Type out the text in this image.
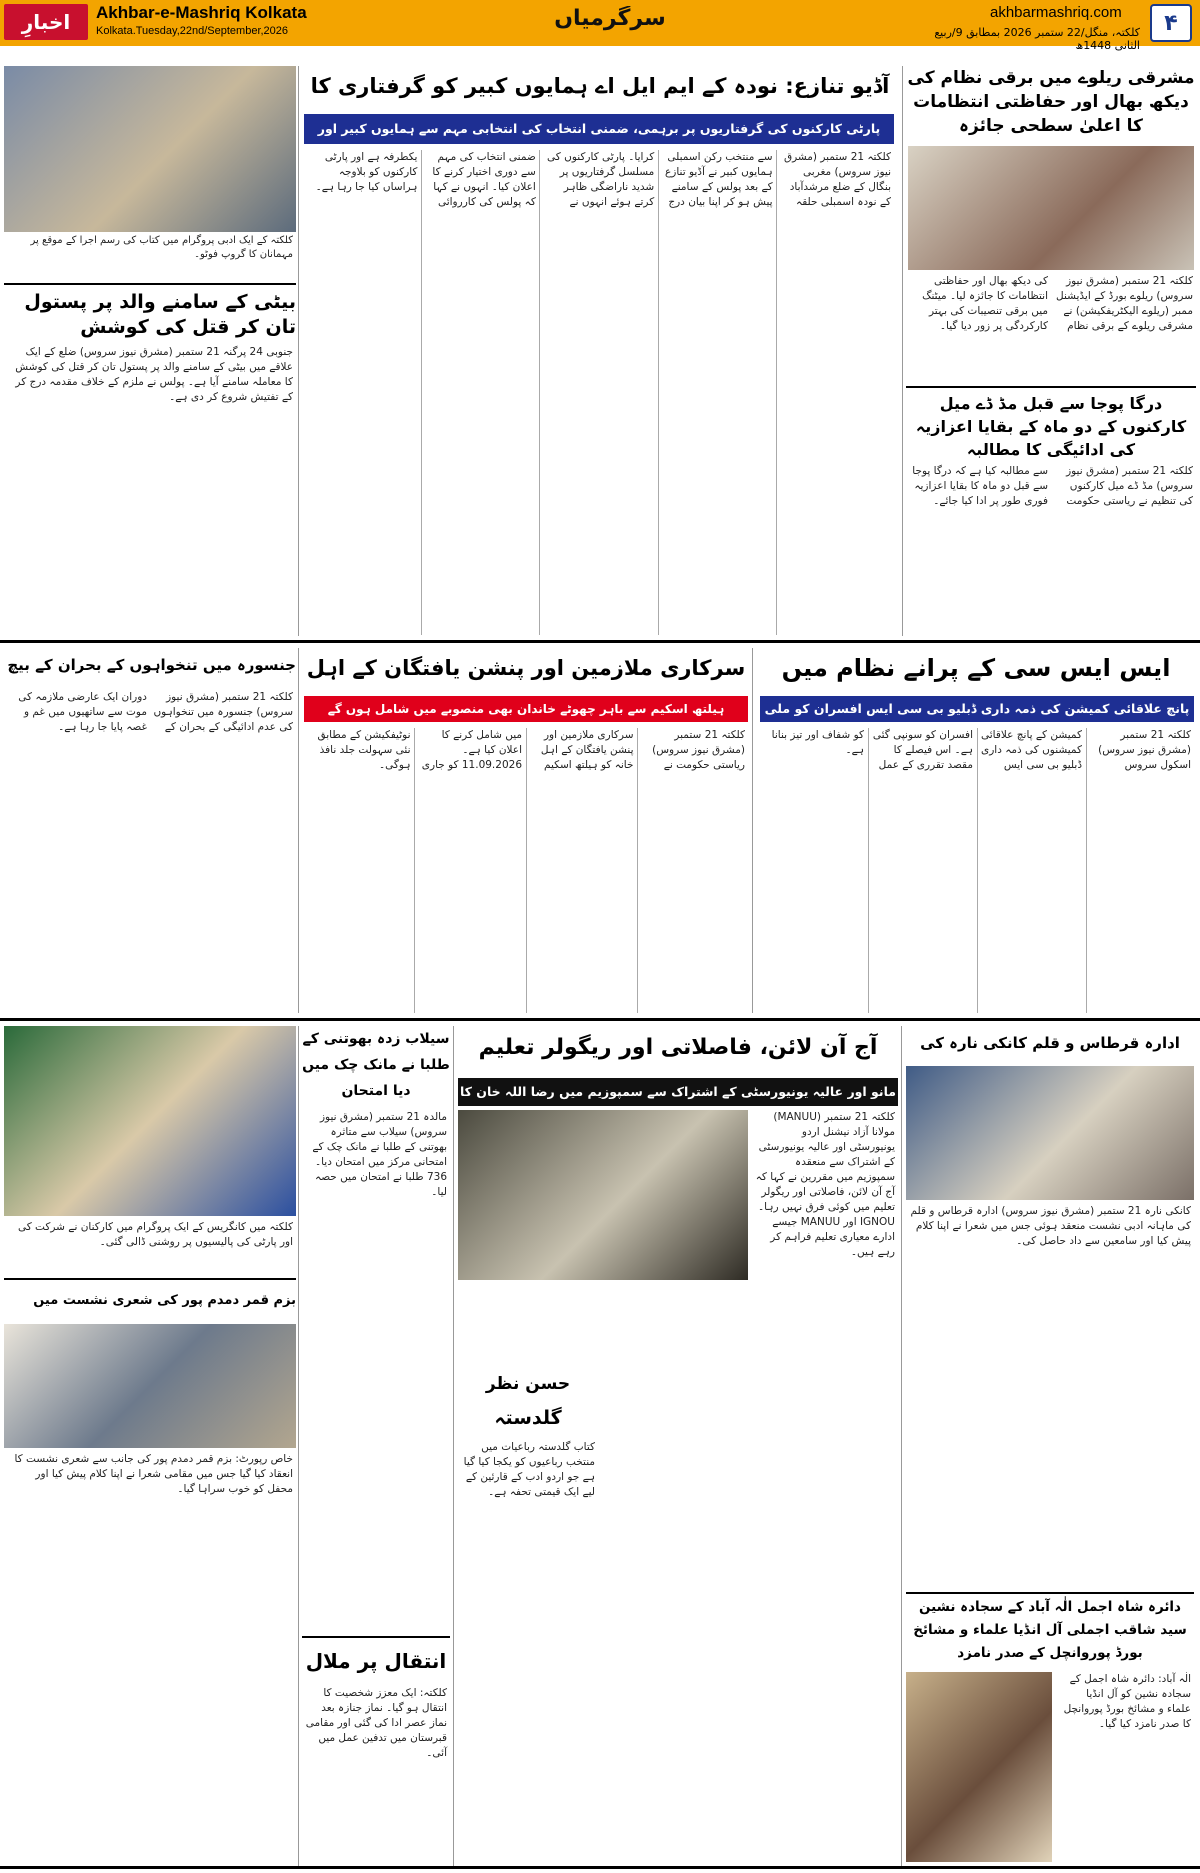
اخبارِ	Akhbar-e-Mashriq Kolkata
Kolkata.Tuesday,22nd/September,2026	سرگرمیاں	akhbarmashriq.com
کلکتہ، منگل/22 ستمبر 2026 بمطابق 9/ربیع الثانی 1448ھ
۴
کلکتہ کے ایک ادبی پروگرام میں کتاب کی رسم اجرا کے موقع پر مہمانان کا گروپ فوٹو۔
بیٹی کے سامنے والد پر پستول تان کر قتل کی کوشش
جنوبی 24 پرگنہ 21 ستمبر (مشرق نیوز سروس) ضلع کے ایک علاقے میں بیٹی کے سامنے والد پر پستول تان کر قتل کی کوشش کا معاملہ سامنے آیا ہے۔ پولس نے ملزم کے خلاف مقدمہ درج کر کے تفتیش شروع کر دی ہے۔
آڈیو تنازع: نودہ کے ایم ایل اے ہمایوں کبیر کو گرفتاری کا
پارٹی کارکنوں کی گرفتاریوں پر برہمی، ضمنی انتخاب کی انتخابی مہم سے ہمایوں کبیر اور
کلکتہ 21 ستمبر (مشرق نیوز سروس) مغربی بنگال کے ضلع مرشدآباد کے نودہ اسمبلی حلقہ سے منتخب رکن اسمبلی ہمایوں کبیر نے آڈیو تنازع کے بعد پولس کے سامنے پیش ہو کر اپنا بیان درج کرایا۔ پارٹی کارکنوں کی مسلسل گرفتاریوں پر شدید ناراضگی ظاہر کرتے ہوئے انہوں نے ضمنی انتخاب کی مہم سے دوری اختیار کرنے کا اعلان کیا۔ انہوں نے کہا کہ پولس کی کارروائی یکطرفہ ہے اور پارٹی کارکنوں کو بلاوجہ ہراساں کیا جا رہا ہے۔
مشرقی ریلوے میں برقی نظام کی دیکھ بھال اور حفاظتی انتظامات کا اعلیٰ سطحی جائزہ
کلکتہ 21 ستمبر (مشرق نیوز سروس) ریلوے بورڈ کے ایڈیشنل ممبر (ریلوے الیکٹریفکیشن) نے مشرقی ریلوے کے برقی نظام کی دیکھ بھال اور حفاظتی انتظامات کا جائزہ لیا۔ میٹنگ میں برقی تنصیبات کی بہتر کارکردگی پر زور دیا گیا۔
درگا پوجا سے قبل مڈ ڈے میل کارکنوں کے دو ماہ کے بقایا اعزازیہ کی ادائیگی کا مطالبہ
کلکتہ 21 ستمبر (مشرق نیوز سروس) مڈ ڈے میل کارکنوں کی تنظیم نے ریاستی حکومت سے مطالبہ کیا ہے کہ درگا پوجا سے قبل دو ماہ کا بقایا اعزازیہ فوری طور پر ادا کیا جائے۔
جنسورہ میں تنخواہوں کے بحران کے بیچ
کلکتہ 21 ستمبر (مشرق نیوز سروس) جنسورہ میں تنخواہوں کی عدم ادائیگی کے بحران کے دوران ایک عارضی ملازمہ کی موت سے ساتھیوں میں غم و غصہ پایا جا رہا ہے۔
سرکاری ملازمین اور پنشن یافتگان کے اہل
ہیلتھ اسکیم سے باہر چھوٹے خاندان بھی منصوبے میں شامل ہوں گے
کلکتہ 21 ستمبر (مشرق نیوز سروس) ریاستی حکومت نے سرکاری ملازمین اور پنشن یافتگان کے اہل خانہ کو ہیلتھ اسکیم میں شامل کرنے کا اعلان کیا ہے۔ 11.09.2026 کو جاری نوٹیفکیشن کے مطابق نئی سہولت جلد نافذ ہوگی۔
ایس ایس سی کے پرانے نظام میں
پانچ علاقائی کمیشن کی ذمہ داری ڈبلیو بی سی ایس افسران کو ملی
کلکتہ 21 ستمبر (مشرق نیوز سروس) اسکول سروس کمیشن کے پانچ علاقائی کمیشنوں کی ذمہ داری ڈبلیو بی سی ایس افسران کو سونپی گئی ہے۔ اس فیصلے کا مقصد تقرری کے عمل کو شفاف اور تیز بنانا ہے۔
کلکتہ میں کانگریس کے ایک پروگرام میں کارکنان نے شرکت کی اور پارٹی کی پالیسیوں پر روشنی ڈالی گئی۔
بزم قمر دمدم پور کی شعری نشست میں
خاص رپورٹ: بزم قمر دمدم پور کی جانب سے شعری نشست کا انعقاد کیا گیا جس میں مقامی شعرا نے اپنا کلام پیش کیا اور محفل کو خوب سراہا گیا۔
سیلاب زدہ بھوتنی کے طلبا نے مانک چک میں دیا امتحان
مالدہ 21 ستمبر (مشرق نیوز سروس) سیلاب سے متاثرہ بھوتنی کے طلبا نے مانک چک کے امتحانی مرکز میں امتحان دیا۔ 736 طلبا نے امتحان میں حصہ لیا۔
انتقال پر ملال
کلکتہ: ایک معزز شخصیت کا انتقال ہو گیا۔ نماز جنازہ بعد نماز عصر ادا کی گئی اور مقامی قبرستان میں تدفین عمل میں آئی۔
آج آن لائن، فاصلاتی اور ریگولر تعلیم
مانو اور عالیہ یونیورسٹی کے اشتراک سے سمپوزیم میں رضا اللہ خان کا
کلکتہ 21 ستمبر (MANUU) مولانا آزاد نیشنل اردو یونیورسٹی اور عالیہ یونیورسٹی کے اشتراک سے منعقدہ سمپوزیم میں مقررین نے کہا کہ آج آن لائن، فاصلاتی اور ریگولر تعلیم میں کوئی فرق نہیں رہا۔ IGNOU اور MANUU جیسے ادارے معیاری تعلیم فراہم کر رہے ہیں۔
حسن نظر
گلدستہ
کتاب گلدستہ رباعیات میں منتخب رباعیوں کو یکجا کیا گیا ہے جو اردو ادب کے قارئین کے لیے ایک قیمتی تحفہ ہے۔
ادارہ قرطاس و قلم کانکی نارہ کی
کانکی نارہ 21 ستمبر (مشرق نیوز سروس) ادارہ قرطاس و قلم کی ماہانہ ادبی نشست منعقد ہوئی جس میں شعرا نے اپنا کلام پیش کیا اور سامعین سے داد حاصل کی۔
دائرہ شاہ اجمل الٰہ آباد کے سجادہ نشین سید شاقب اجملی آل انڈیا علماء و مشائخ بورڈ پوروانچل کے صدر نامزد
الٰہ آباد: دائرہ شاہ اجمل کے سجادہ نشین کو آل انڈیا علماء و مشائخ بورڈ پوروانچل کا صدر نامزد کیا گیا۔
